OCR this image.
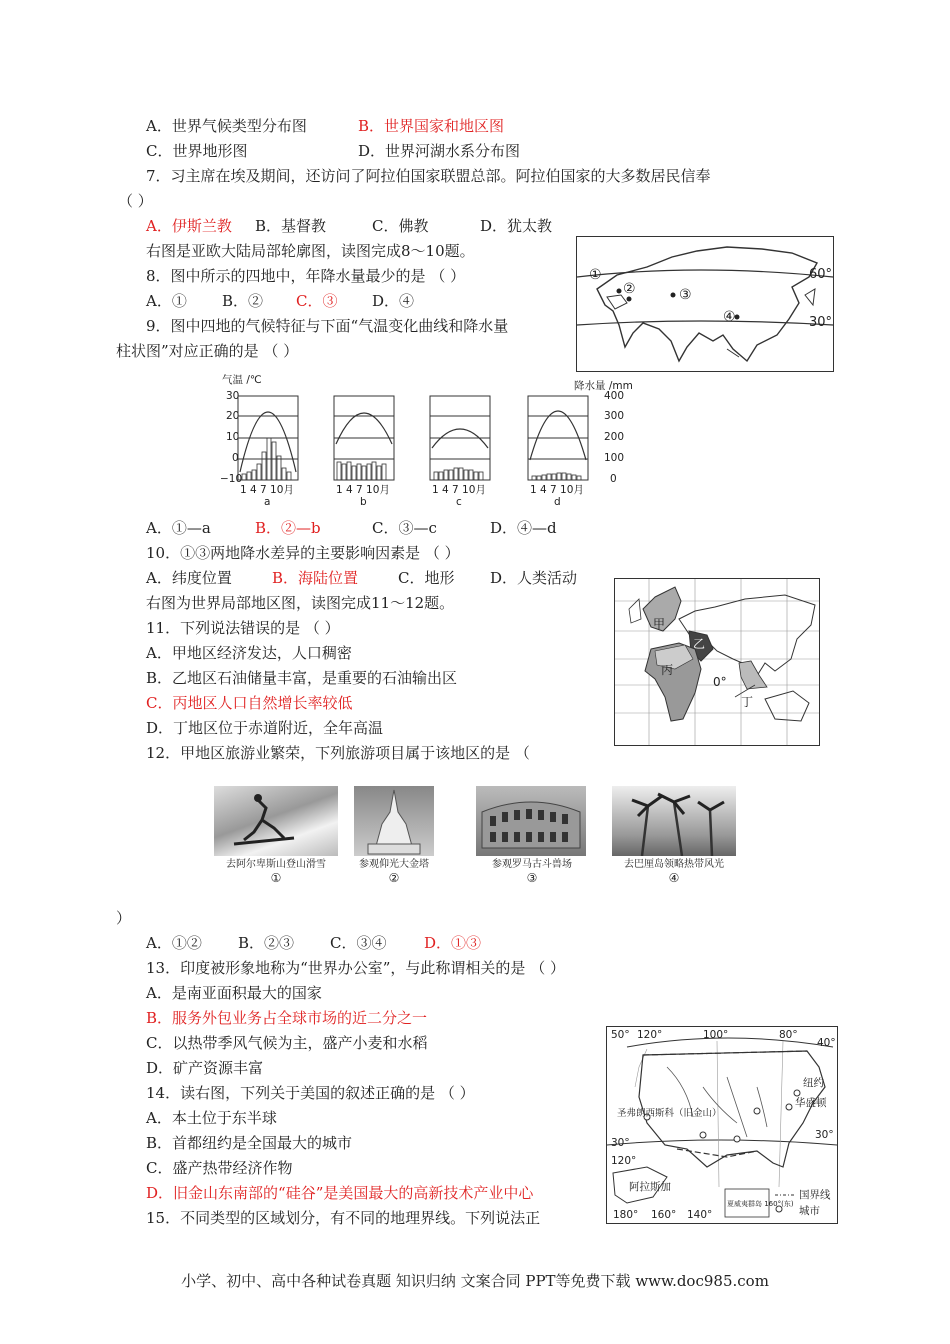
A．世界气候类型分布图	B．世界国家和地区图
C．世界地形图	D．世界河湖水系分布图
7．习主席在埃及期间，还访问了阿拉伯国家联盟总部。阿拉伯国家的大多数居民信奉
（ ）
A．伊斯兰教 B．基督教	C．佛教	D．犹太教
右图是亚欧大陆局部轮廓图，读图完成8～10题。
8．图中所示的四地中，年降水量最少的是 （ ）
A．① B．② C．③ D．④
9．图中四地的气候特征与下面“气温变化曲线和降水量
柱状图”对应正确的是 （ ）
60°
30°
①
②	③
④
气温 /℃	降水量 /mm
30
20
10
0
−10
400
300
200
100
0
1 4 7 10月	1 4 7 10月	1 4 7 10月	1 4 7 10月
a	b	c	d
A．①—a	B．②—b	C．③—c	D．④—d
10．①③两地降水差异的主要影响因素是 （ ）
A．纬度位置	B．海陆位置	C．地形 D．人类活动
右图为世界局部地区图，读图完成11～12题。
甲
乙
丙
丁
0°
11．下列说法错误的是 （ ）
A．甲地区经济发达，人口稠密
B．乙地区石油储量丰富，是重要的石油输出区
C．丙地区人口自然增长率较低
D．丁地区位于赤道附近，全年高温
12．甲地区旅游业繁荣，下列旅游项目属于该地区的是 （
去阿尔卑斯山登山滑雪	参观仰光大金塔	参观罗马古斗兽场	去巴厘岛领略热带风光
①	②	③	④
）
A．①② B．②③ C．③④	D．①③
13．印度被形象地称为“世界办公室”，与此称谓相关的是 （ ）
A．是南亚面积最大的国家
B．服务外包业务占全球市场的近二分之一
C．以热带季风气候为主，盛产小麦和水稻
D．矿产资源丰富
14．读右图，下列关于美国的叙述正确的是 （ ）
A．本土位于东半球
B．首都纽约是全国最大的城市
C．盛产热带经济作物
D．旧金山东南部的“硅谷”是美国最大的高新技术产业中心
15．不同类型的区域划分，有不同的地理界线。下列说法正
50° 120°	100°	80°
40°
30°
30°
120°
圣弗朗西斯科（旧金山）
纽约
华盛顿
阿拉斯加
夏威夷群岛 160°(东)
180° 160° 140°
国界线
城市
小学、初中、高中各种试卷真题 知识归纳 文案合同 PPT等免费下载 www.doc985.com
